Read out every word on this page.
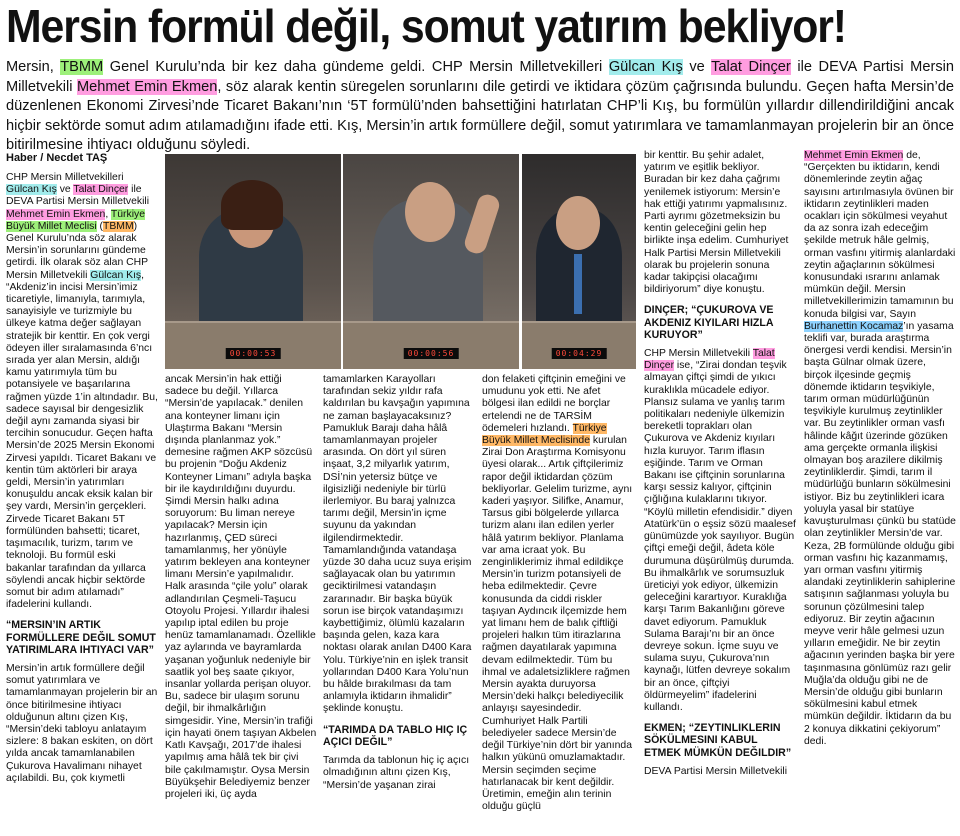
Mersin formül değil, somut yatırım bekliyor!
Mersin, TBMM Genel Kurulu’nda bir kez daha gündeme geldi. CHP Mersin Milletvekilleri Gülcan Kış ve Talat Dinçer ile DEVA Partisi Mersin Milletvekili Mehmet Emin Ekmen, söz alarak kentin süregelen sorunlarını dile getirdi ve iktidara çözüm çağrısında bulundu. Geçen hafta Mersin’de düzenlenen Ekonomi Zirvesi’nde Ticaret Bakanı’nın ‘5T formülü’nden bahsettiğini hatırlatan CHP’li Kış, bu formülün yıllardır dillendirildiğini ancak hiçbir sektörde somut adım atılamadığını ifade etti. Kış, Mersin’in artık formüllere değil, somut yatırımlara ve tamamlanmayan projelerin bir an önce bitirilmesine ihtiyacı olduğunu söyledi.
Haber / Necdet TAŞ
00:00:53	00:00:56	00:04:29

CHP Mersin Milletvekilleri Gülcan Kış ve Talat Dinçer ile DEVA Partisi Mersin Milletvekili Mehmet Emin Ekmen, Türkiye Büyük Millet Meclisi (TBMM) Genel Kurulu’nda söz alarak Mersin’in sorunlarını gündeme getirdi. İlk olarak söz alan CHP Mersin Milletvekili Gülcan Kış, “Akdeniz’in incisi Mersin’imiz ticaretiyle, limanıyla, tarımıyla, sanayisiyle ve turizmiyle bu ülkeye katma değer sağlayan stratejik bir kenttir. En çok vergi ödeyen iller sıralamasında 6’ncı sırada yer alan Mersin, aldığı kamu yatırımıyla tüm bu potansiyele ve başarılarına rağmen yüzde 1’in altındadır. Bu, sadece sayısal bir dengesizlik değil aynı zamanda siyasi bir tercihin sonucudur. Geçen hafta Mersin’de 2025 Mersin Ekonomi Zirvesi yapıldı. Ticaret Bakanı ve kentin tüm aktörleri bir araya geldi, Mersin’in yatırımları konuşuldu ancak eksik kalan bir şey vardı, Mersin’in gerçekleri. Zirvede Ticaret Bakanı 5T formülünden bahsetti; ticaret, taşımacılık, turizm, tarım ve teknoloji. Bu formül eski bakanlar tarafından da yıllarca söylendi ancak hiçbir sektörde somut bir adım atılamadı” ifadelerini kullandı.

“MERSIN’IN ARTIK FORMÜLLERE DEĞIL SOMUT YATIRIMLARA IHTIYACI VAR”

Mersin’in artık formüllere değil somut yatırımlara ve tamamlanmayan projelerin bir an önce bitirilmesine ihtiyacı olduğunun altını çizen Kış, “Mersin’deki tabloyu anlatayım sizlere: 8 bakan eskiten, on dört yılda ancak tamamlanabilen Çukurova Havalimanı nihayet açılabildi. Bu, çok kıymetli

ancak Mersin’in hak ettiği sadece bu değil. Yıllarca “Mersin’de yapılacak.” denilen ana konteyner limanı için Ulaştırma Bakanı “Mersin dışında planlanmaz yok.” demesine rağmen AKP sözcüsü bu projenin “Doğu Akdeniz Konteyner Limanı” adıyla başka bir ile kaydırıldığını duyurdu. Şimdi Mersin halkı adına soruyorum: Bu liman nereye yapılacak? Mersin için hazırlanmış, ÇED süreci tamamlanmış, her yönüyle yatırım bekleyen ana konteyner limanı Mersin’e yapılmalıdır. Halk arasında “çile yolu” olarak adlandırılan Çeşmeli-Taşucu Otoyolu Projesi. Yıllardır ihalesi yapılıp iptal edilen bu proje henüz tamamlanamadı. Özellikle yaz aylarında ve bayramlarda yaşanan yoğunluk nedeniyle bir saatlik yol beş saate çıkıyor, insanlar yollarda perişan oluyor. Bu, sadece bir ulaşım sorunu değil, bir ihmalkârlığın simgesidir. Yine, Mersin’in trafiği için hayati önem taşıyan Akbelen Katlı Kavşağı, 2017’de ihalesi yapılmış ama hâlâ tek bir çivi bile çakılmamıştır. Oysa Mersin Büyükşehir Belediyemiz benzer projeleri iki, üç ayda

tamamlarken Karayolları tarafından sekiz yıldır rafa kaldırılan bu kavşağın yapımına ne zaman başlayacaksınız? Pamukluk Barajı daha hâlâ tamamlanmayan projeler arasında. On dört yıl süren inşaat, 3,2 milyarlık yatırım, DSİ’nin yetersiz bütçe ve ilgisizliği nedeniyle bir türlü ilerlemiyor. Bu baraj yalnızca tarımı değil, Mersin’in içme suyunu da yakından ilgilendirmektedir. Tamamlandığında vatandaşa yüzde 30 daha ucuz suya erişim sağlayacak olan bu yatırımın geciktirilmesi vatandaşın zararınadır. Bir başka büyük sorun ise birçok vatandaşımızı kaybettiğimiz, ölümlü kazaların başında gelen, kaza kara noktası olarak anılan D400 Kara Yolu. Türkiye’nin en işlek transit yollarından D400 Kara Yolu’nun bu hâlde bırakılması da tam anlamıyla iktidarın ihmalidir” şeklinde konuştu.

“TARIMDA DA TABLO HIÇ IÇ AÇICI DEĞIL”

Tarımda da tablonun hiç iç açıcı olmadığının altını çizen Kış, “Mersin’de yaşanan zirai

don felaketi çiftçinin emeğini ve umudunu yok etti. Ne afet bölgesi ilan edildi ne borçlar ertelendi ne de TARSİM ödemeleri hızlandı. Türkiye Büyük Millet Meclisinde kurulan Zirai Don Araştırma Komisyonu üyesi olarak... Artık çiftçilerimiz rapor değil iktidardan çözüm bekliyorlar. Gelelim turizme, aynı kaderi yaşıyor. Silifke, Anamur, Tarsus gibi bölgelerde yıllarca turizm alanı ilan edilen yerler hâlâ yatırım bekliyor. Planlama var ama icraat yok. Bu zenginliklerimiz ihmal edildikçe Mersin’in turizm potansiyeli de heba edilmektedir. Çevre konusunda da ciddi riskler taşıyan Aydıncık ilçemizde hem yat limanı hem de balık çiftliği projeleri halkın tüm itirazlarına rağmen dayatılarak yapımına devam edilmektedir. Tüm bu ihmal ve adaletsizliklere rağmen Mersin ayakta duruyorsa Mersin’deki halkçı belediyecilik anlayışı sayesindedir. Cumhuriyet Halk Partili belediyeler sadece Mersin’de değil Türkiye’nin dört bir yanında halkın yükünü omuzlamaktadır. Mersin seçimden seçime hatırlanacak bir kent değildir. Üretimin, emeğin alın terinin olduğu güçlü

bir kenttir. Bu şehir adalet, yatırım ve eşitlik bekliyor. Buradan bir kez daha çağrımı yenilemek istiyorum: Mersin’e hak ettiği yatırımı yapmalısınız. Parti ayrımı gözetmeksizin bu kentin geleceğini gelin hep birlikte inşa edelim. Cumhuriyet Halk Partisi Mersin Milletvekili olarak bu projelerin sonuna kadar takipçisi olacağımı bildiriyorum” diye konuştu.

DINÇER; “ÇUKUROVA VE AKDENIZ KIYILARI HIZLA KURUYOR”

CHP Mersin Milletvekili Talat Dinçer ise, “Zirai dondan teşvik almayan çiftçi şimdi de yıkıcı kuraklıkla mücadele ediyor. Plansız sulama ve yanlış tarım politikaları nedeniyle ülkemizin bereketli toprakları olan Çukurova ve Akdeniz kıyıları hızla kuruyor. Tarım iflasın eşiğinde. Tarım ve Orman Bakanı ise çiftçinin sorunlarına karşı sessiz kalıyor, çiftçinin çığlığına kulaklarını tıkıyor. “Köylü milletin efendisidir.” diyen Atatürk’ün o eşsiz sözü maalesef günümüzde yok sayılıyor. Bugün çiftçi emeği değil, âdeta köle durumuna düşürülmüş durumda. Bu ihmalkârlık ve sorumsuzluk üreticiyi yok ediyor, ülkemizin geleceğini karartıyor. Kuraklığa karşı Tarım Bakanlığını göreve davet ediyorum. Pamukluk Sulama Barajı’nı bir an önce devreye sokun. İçme suyu ve sulama suyu, Çukurova’nın kaynağı, lütfen devreye sokalım bir an önce, çiftçiyi öldürmeyelim” ifadelerini kullandı.

EKMEN; “ZEYTINLIKLERIN SÖKÜLMESINI KABUL ETMEK MÜMKÜN DEĞILDIR”

DEVA Partisi Mersin Milletvekili

Mehmet Emin Ekmen de, “Gerçekten bu iktidarın, kendi dönemlerinde zeytin ağaç sayısını artırılmasıyla övünen bir iktidarın zeytinlikleri maden ocakları için sökülmesi veyahut da az sonra izah edeceğim şekilde metruk hâle gelmiş, orman vasfını yitirmiş alanlardaki zeytin ağaçlarının sökülmesi konusundaki ısrarını anlamak mümkün değil. Mersin milletvekillerimizin tamamının bu konuda bilgisi var, Sayın Burhanettin Kocamaz’ın yasama teklifi var, burada araştırma önergesi verdi kendisi. Mersin’in başta Gülnar olmak üzere, birçok ilçesinde geçmiş dönemde iktidarın teşvikiyle, tarım orman müdürlüğünün teşvikiyle kurulmuş zeytinlikler var. Bu zeytinlikler orman vasfı hâlinde kâğıt üzerinde gözüken ama gerçekte ormanla ilişkisi olmayan boş arazilere dikilmiş zeytinliklerdir. Şimdi, tarım il müdürlüğü bunların sökülmesini istiyor. Biz bu zeytinlikleri icara yoluyla yasal bir statüye kavuşturulması çünkü bu statüde olan zeytinlikler Mersin’de var. Keza, 2B formülünde olduğu gibi orman vasfını hiç kazanmamış, yarı orman vasfını yitirmiş alandaki zeytinliklerin sahiplerine satışının sağlanması yoluyla bu sorunun çözülmesini talep ediyoruz. Bir zeytin ağacının meyve verir hâle gelmesi uzun yılların emeğidir. Ne bir zeytin ağacının yerinden başka bir yere taşınmasına gönlümüz razı gelir Muğla’da olduğu gibi ne de Mersin’de olduğu gibi bunların sökülmesini kabul etmek mümkün değildir. İktidarın da bu 2 konuya dikkatini çekiyorum” dedi.
